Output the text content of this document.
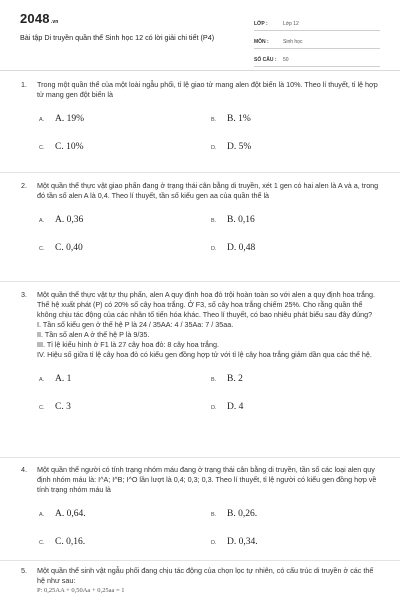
2048.vn
Bài tập Di truyền quần thể Sinh học 12 có lời giải chi tiết (P4)
LỚP :	Lớp 12
MÔN :	Sinh học
SỐ CÂU : 50
1. Trong một quần thể của một loài ngẫu phối, tỉ lệ giao tử mang alen đột biến là 10%. Theo lí thuyết, tỉ lệ hợp tử mang gen đột biến là

A. A. 19%	B. B. 1%
C. C. 10%	D. D. 5%
2. Một quần thể thực vật giao phấn đang ở trạng thái cân bằng di truyền, xét 1 gen có hai alen là A và a, trong đó tần số alen A là 0,4. Theo lí thuyết, tần số kiểu gen aa của quần thể là

A. A. 0,36	B. B. 0,16
C. C. 0,40	D. D. 0,48
3. Một quần thể thực vật tự thụ phấn, alen A quy định hoa đỏ trội hoàn toàn so với alen a quy định hoa trắng. Thế hệ xuất phát (P) có 20% số cây hoa trắng. Ở F3, số cây hoa trắng chiếm 25%. Cho rằng quần thể không chịu tác động của các nhân tố tiến hóa khác. Theo lí thuyết, có bao nhiêu phát biểu sau đây đúng?

I. Tần số kiểu gen ở thế hệ P là 24 / 35AA: 4 / 35Aa: 7 / 35aa.

II. Tần số alen A ở thế hệ P là 9/35.

III. Tỉ lệ kiểu hình ở F1 là 27 cây hoa đỏ: 8 cây hoa trắng.

IV. Hiệu số giữa tỉ lệ cây hoa đỏ có kiểu gen đồng hợp tử với tỉ lệ cây hoa trắng giảm dần qua các thế hệ.

A. A. 1	B. B. 2
C. C. 3	D. D. 4
4. Một quần thể người có tính trạng nhóm máu đang ở trạng thái cân bằng di truyền, tần số các loại alen quy định nhóm máu là: I^A; I^B; I^O lần lượt là 0,4; 0,3; 0,3. Theo lí thuyết, tỉ lệ người có kiểu gen đồng hợp về tính trạng nhóm máu là

A. A. 0,64.	B. B. 0,26.
C. C. 0,16.	D. D. 0,34.
5. Một quần thể sinh vật ngẫu phối đang chịu tác động của chọn lọc tự nhiên, có cấu trúc di truyền ở các thế hệ như sau:

P: 0,25AA + 0,50Aa + 0,25aa = 1
